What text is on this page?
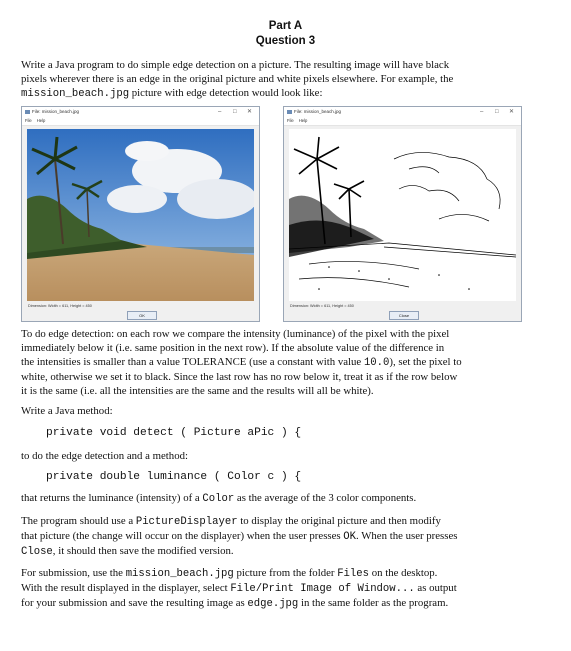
Part A
Question 3
Write a Java program to do simple edge detection on a picture. The resulting image will have black
pixels wherever there is an edge in the original picture and white pixels elsewhere. For example, the
mission_beach.jpg picture with edge detection would look like:
File: mission_beach.jpg	– □ ✕
File Help
Dimension: Width = 611, Height = 450
OK
File: mission_beach.jpg	– □ ✕
File Help
Dimension: Width = 611, Height = 450
Close
To do edge detection: on each row we compare the intensity (luminance) of the pixel with the pixel
immediately below it (i.e. same position in the next row). If the absolute value of the difference in
the intensities is smaller than a value TOLERANCE (use a constant with value 10.0), set the pixel to
white, otherwise we set it to black. Since the last row has no row below it, treat it as if the row below
it is the same (i.e. all the intensities are the same and the results will all be white).
Write a Java method:
private void detect ( Picture aPic ) {
to do the edge detection and a method:
private double luminance ( Color c ) {
that returns the luminance (intensity) of a Color as the average of the 3 color components.
The program should use a PictureDisplayer to display the original picture and then modify
that picture (the change will occur on the displayer) when the user presses OK. When the user presses
Close, it should then save the modified version.
For submission, use the mission_beach.jpg picture from the folder Files on the desktop.
With the result displayed in the displayer, select File/Print Image of Window... as output
for your submission and save the resulting image as edge.jpg in the same folder as the program.
